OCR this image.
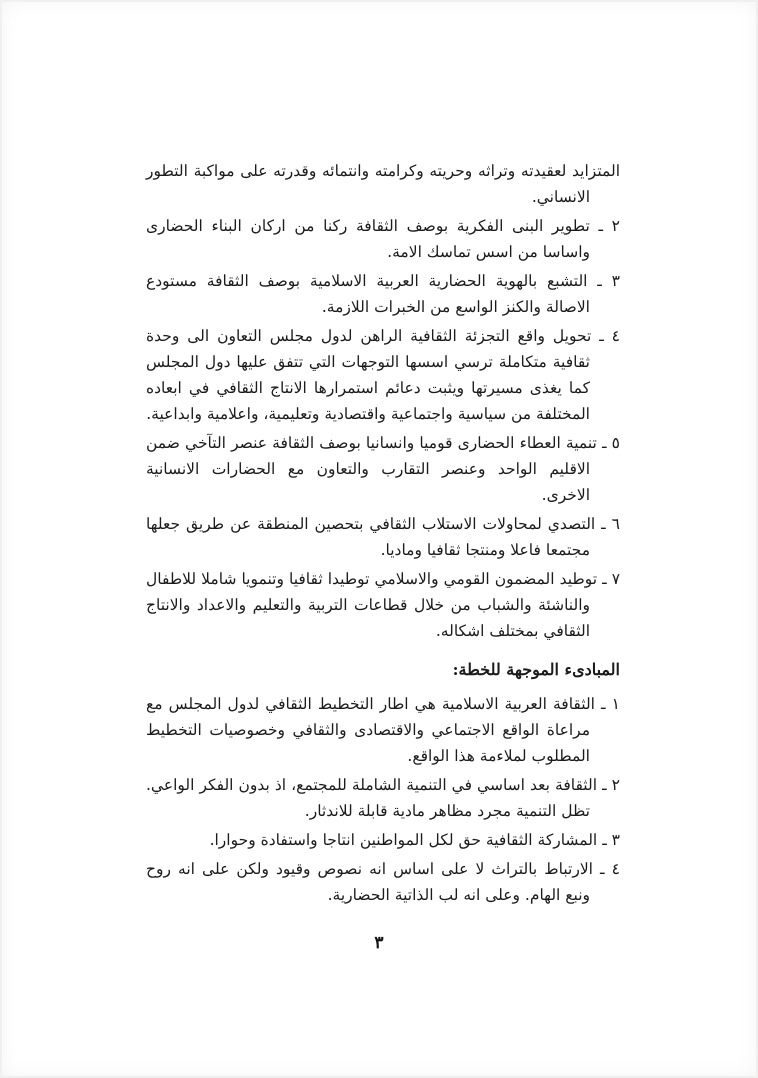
المتزايد لعقيدته وتراثه وحريته وكرامته وانتمائه وقدرته على مواكبة التطور الانساني.
٢ ـ تطوير البنى الفكرية بوصف الثقافة ركنا من اركان البناء الحضارى واساسا من اسس تماسك الامة.
٣ ـ التشبع بالهوية الحضارية العربية الاسلامية بوصف الثقافة مستودع الاصالة والكنز الواسع من الخبرات اللازمة.
٤ ـ تحويل واقع التجزئة الثقافية الراهن لدول مجلس التعاون الى وحدة ثقافية متكاملة ترسي اسسها التوجهات التي تتفق عليها دول المجلس كما يغذى مسيرتها ويثبت دعائم استمرارها الانتاج الثقافي في ابعاده المختلفة من سياسية واجتماعية واقتصادية وتعليمية، واعلامية وابداعية.
٥ ـ تنمية العطاء الحضارى قوميا وانسانيا بوصف الثقافة عنصر التآخي ضمن الاقليم الواحد وعنصر التقارب والتعاون مع الحضارات الانسانية الاخرى.
٦ ـ التصدي لمحاولات الاستلاب الثقافي بتحصين المنطقة عن طريق جعلها مجتمعا فاعلا ومنتجا ثقافيا وماديا.
٧ ـ توطيد المضمون القومي والاسلامي توطيدا ثقافيا وتنمويا شاملا للاطفال والناشئة والشباب من خلال قطاعات التربية والتعليم والاعداد والانتاج الثقافي بمختلف اشكاله.
المبادىء الموجهة للخطة:
١ ـ الثقافة العربية الاسلامية هي اطار التخطيط الثقافي لدول المجلس مع مراعاة الواقع الاجتماعي والاقتصادى والثقافي وخصوصيات التخطيط المطلوب لملاءمة هذا الواقع.
٢ ـ الثقافة بعد اساسي في التنمية الشاملة للمجتمع، اذ بدون الفكر الواعي. تظل التنمية مجرد مظاهر مادية قابلة للاندثار.
٣ ـ المشاركة الثقافية حق لكل المواطنين انتاجا واستفادة وحوارا.
٤ ـ الارتباط بالتراث لا على اساس انه نصوص وقيود ولكن على انه روح ونبع الهام. وعلى انه لب الذاتية الحضارية.
٣
